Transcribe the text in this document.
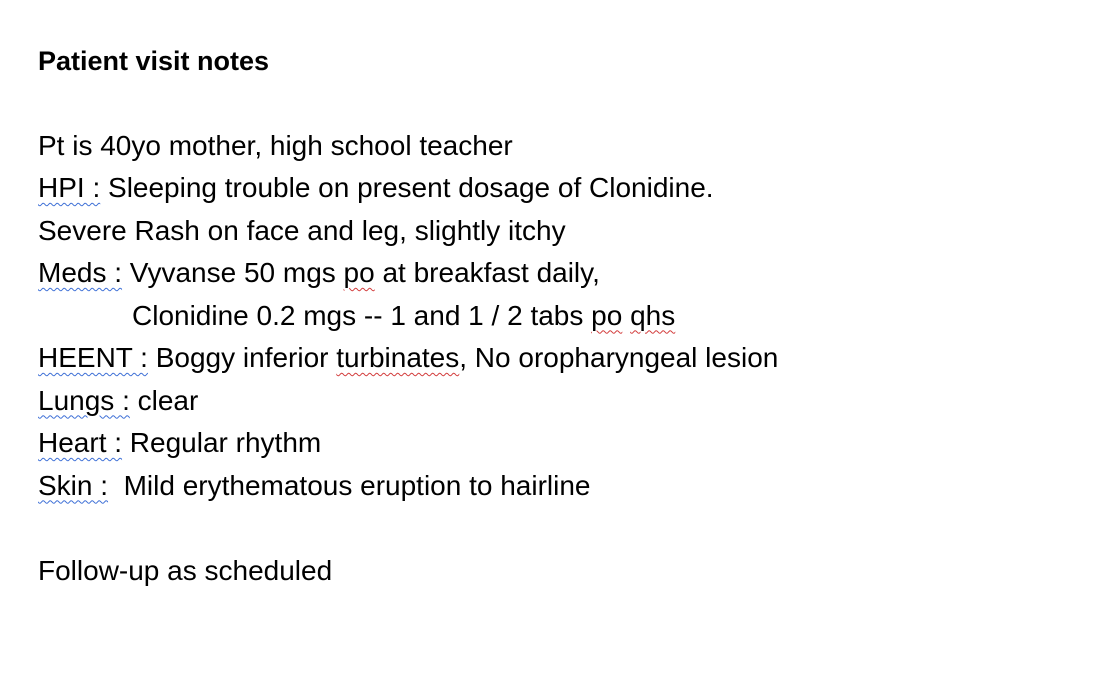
Patient visit notes
Pt is 40yo mother, high school teacher
HPI : Sleeping trouble on present dosage of Clonidine.
Severe Rash on face and leg, slightly itchy
Meds : Vyvanse 50 mgs po at breakfast daily,
Clonidine 0.2 mgs -- 1 and 1 / 2 tabs po qhs
HEENT : Boggy inferior turbinates, No oropharyngeal lesion
Lungs : clear
Heart : Regular rhythm
Skin :  Mild erythematous eruption to hairline
Follow-up as scheduled
